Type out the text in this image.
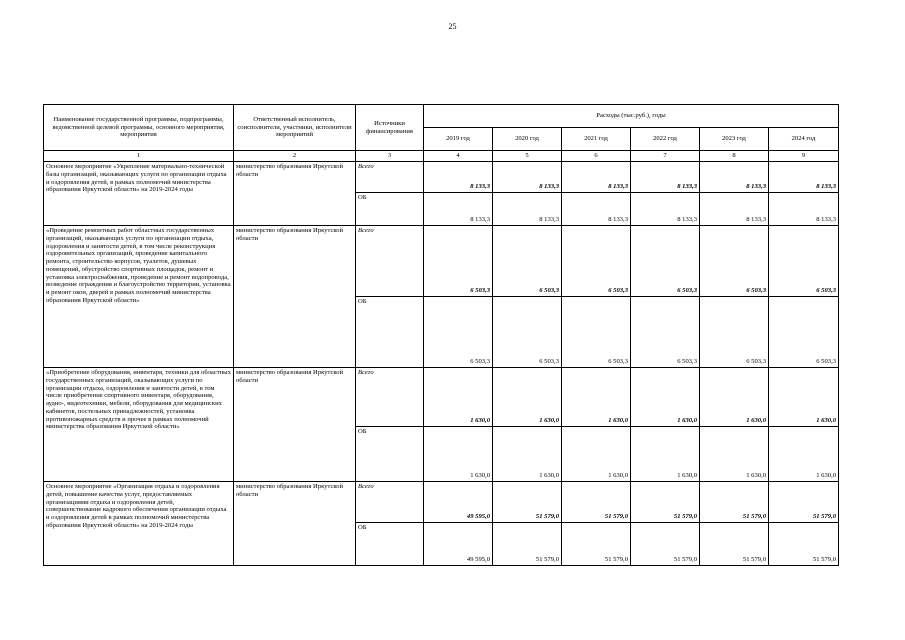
25
Наименование государственной программы, подпрограммы, ведомственной целевой программы, основного мероприятия, мероприятия	Ответственный исполнитель, соисполнители, участники, исполнители мероприятий	Источники финансирования	Расходы (тыс.руб.), годы					
			2019 год	2020 год	2021 год	2022 год	2023 год	2024 год
1	2	3	4	5	6	7	8	9
Основное мероприятие «Укрепление материально-технической базы организаций, оказывающих услуги по организации отдыха и оздоровления детей, в рамках полномочий министерства образования Иркутской области» на 2019-2024 годы	министерство образования Иркутской области	Всего	8 133,3	8 133,3	8 133,3	8 133,3	8 133,3	8 133,3
		ОБ	8 133,3	8 133,3	8 133,3	8 133,3	8 133,3	8 133,3
«Проведение ремонтных работ областных государственных организаций, оказывающих услуги по организации отдыха, оздоровления и занятости детей, в том числе реконструкция оздоровительных организаций, проведение капитального ремонта, строительство корпусов, туалетов, душевых помещений, обустройство спортивных площадок, ремонт и установка электроснабжения, проведение и ремонт водопровода, возведение ограждения и благоустройство территории, установка и ремонт окон, дверей в рамках полномочий министерства образования Иркутской области»	министерство образования Иркутской области	Всего	6 503,3	6 503,3	6 503,3	6 503,3	6 503,3	6 503,3
		ОБ	6 503,3	6 503,3	6 503,3	6 503,3	6 503,3	6 503,3
«Приобретение оборудования, инвентаря, техники для областных государственных организаций, оказывающих услуги по организации отдыха, оздоровления и занятости детей, в том числе приобретение спортивного инвентаря, оборудования, аудио-, видеотехники, мебели, оборудования для медицинских кабинетов, постельных принадлежностей, установка противопожарных средств и прочее в рамках полномочий министерства образования Иркутской области»	министерство образования Иркутской области	Всего	1 630,0	1 630,0	1 630,0	1 630,0	1 630,0	1 630,0
		ОБ	1 630,0	1 630,0	1 630,0	1 630,0	1 630,0	1 630,0
Основное мероприятие «Организация отдыха и оздоровления детей, повышение качества услуг, предоставляемых организациями отдыха и оздоровления детей, совершенствование кадрового обеспечения организации отдыха и оздоровления детей в рамках полномочий министерства образования Иркутской области» на 2019-2024 годы	министерство образования Иркутской области	Всего	49 595,0	51 579,0	51 579,0	51 579,0	51 579,0	51 579,0
		ОБ	49 595,0	51 579,0	51 579,0	51 579,0	51 579,0	51 579,0
